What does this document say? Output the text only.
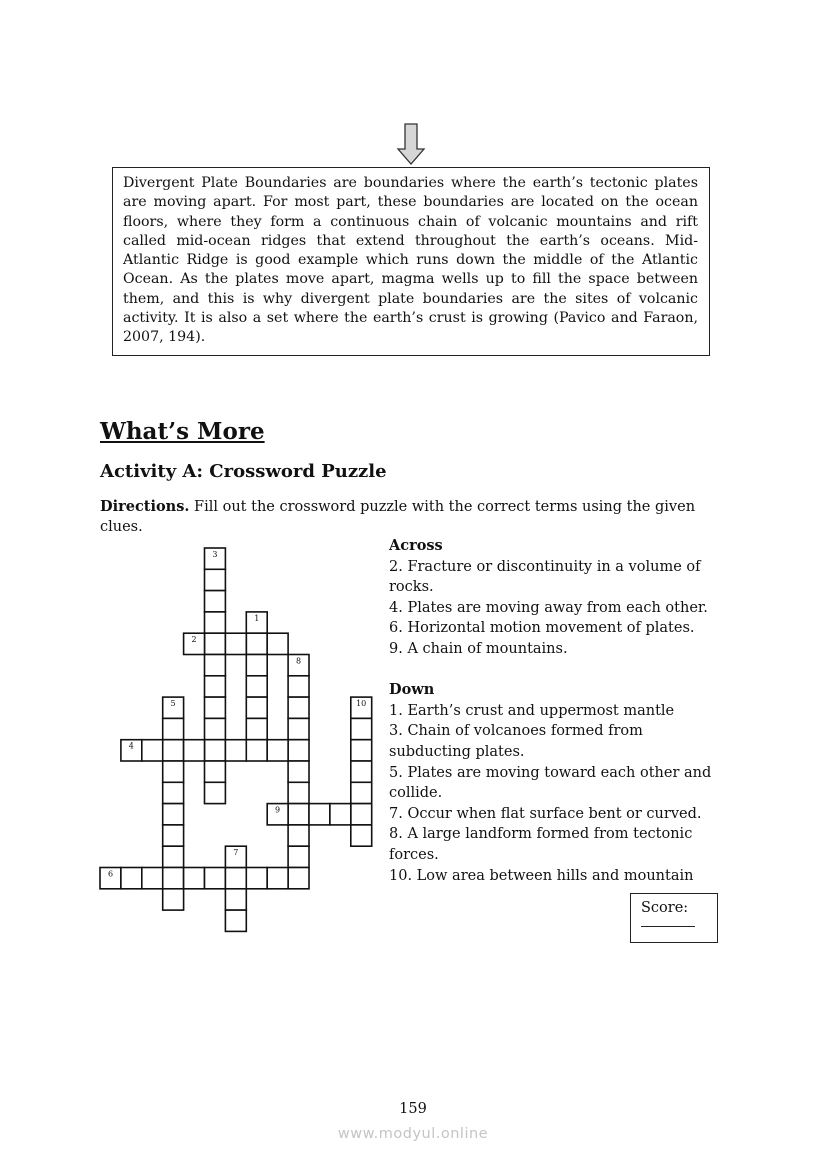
Divergent Plate Boundaries are boundaries where the earth’s tectonic plates are moving apart. For most part, these boundaries are located on the ocean floors, where they form a continuous chain of volcanic mountains and rift called mid-ocean ridges that extend throughout the earth’s oceans. Mid-Atlantic Ridge is good example which runs down the middle of the Atlantic Ocean. As the plates move apart, magma wells up to fill the space between them, and this is why divergent plate boundaries are the sites of volcanic activity. It is also a set where the earth’s crust is growing (Pavico and Faraon, 2007, 194).
What’s More
Activity A: Crossword Puzzle

Directions. Fill out the crossword puzzle with the correct terms using the given clues.

1
2
3
4
5
6
7
8
9
10
Across
2. Fracture or discontinuity in a volume of rocks.
4. Plates are moving away from each other.
6. Horizontal motion movement of plates.
9. A chain of mountains.
Down
1. Earth’s crust and uppermost mantle
3. Chain of volcanoes formed from subducting plates.
5. Plates are moving toward each other and collide.
7. Occur when flat surface bent or curved.
8. A large landform formed from tectonic forces.
10. Low area between hills and mountain
Score:
159
www.modyul.online
